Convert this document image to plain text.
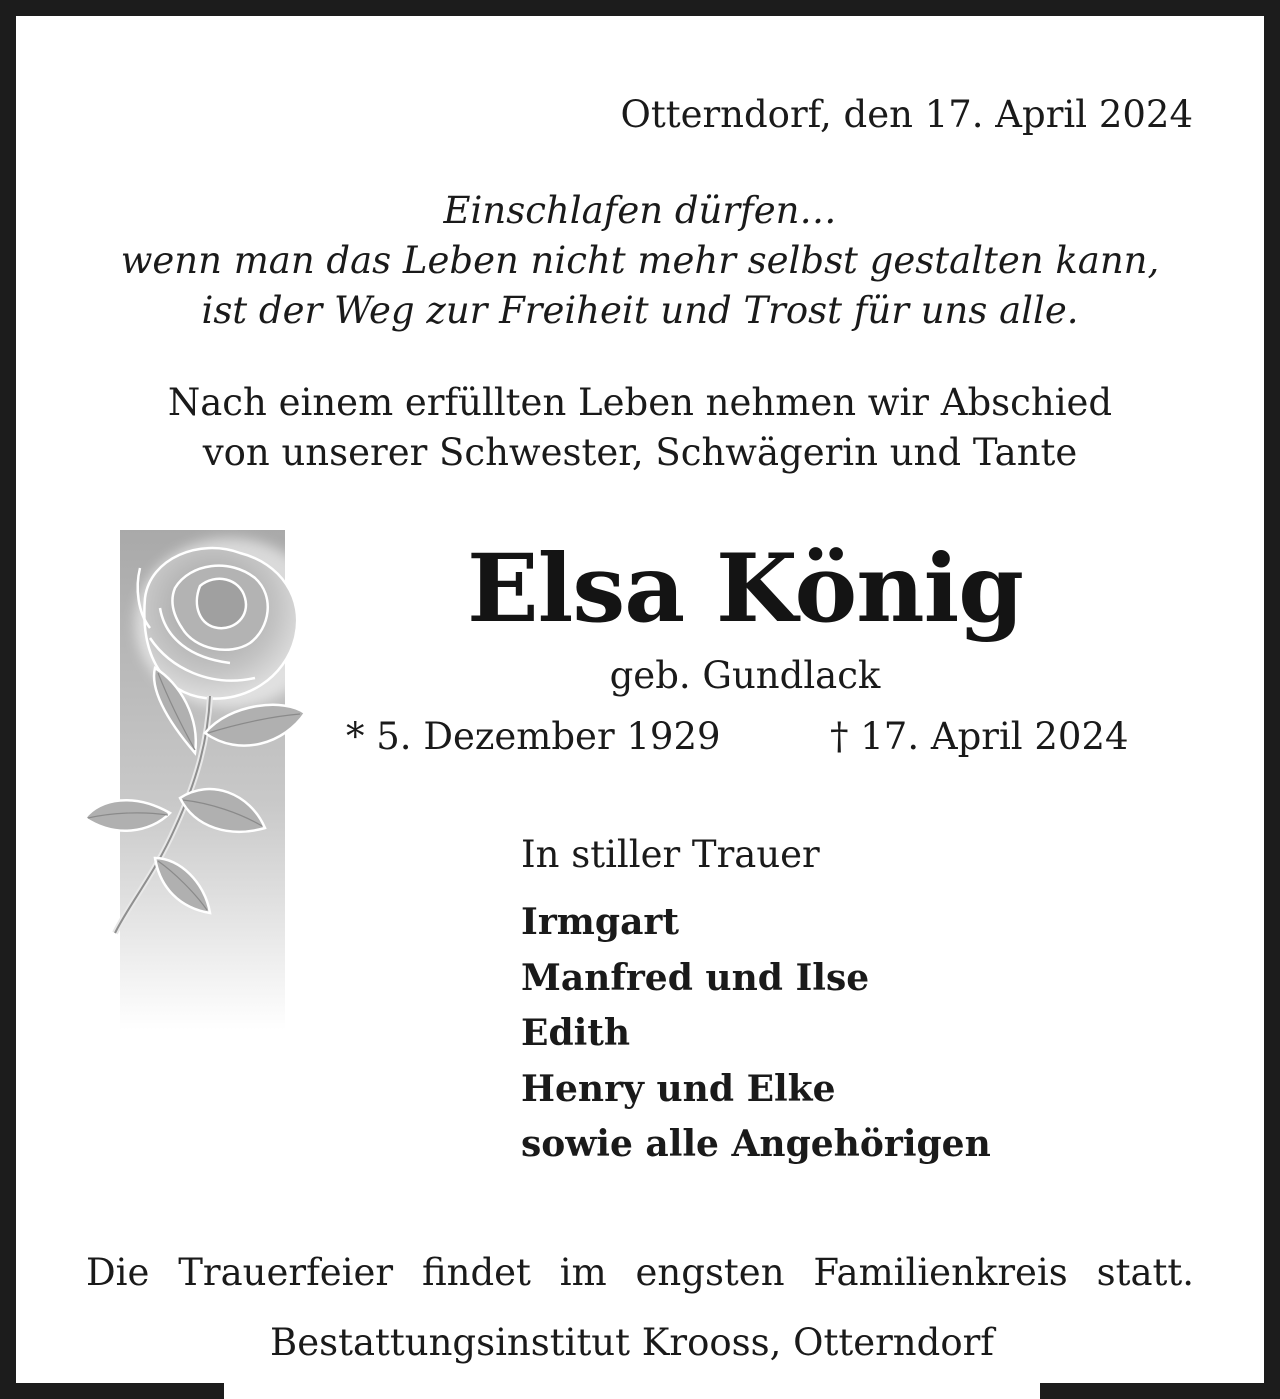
Otterndorf, den 17. April 2024
Einschlafen dürfen…
wenn man das Leben nicht mehr selbst gestalten kann,
ist der Weg zur Freiheit und Trost für uns alle.
Nach einem erfüllten Leben nehmen wir Abschied
von unserer Schwester, Schwägerin und Tante
Elsa König
geb. Gundlack
* 5. Dezember 1929	† 17. April 2024
In stiller Trauer
Irmgart
Manfred und Ilse
Edith
Henry und Elke
sowie alle Angehörigen
Die Trauerfeier findet im engsten Familienkreis statt.
Bestattungsinstitut Krooss, Otterndorf
